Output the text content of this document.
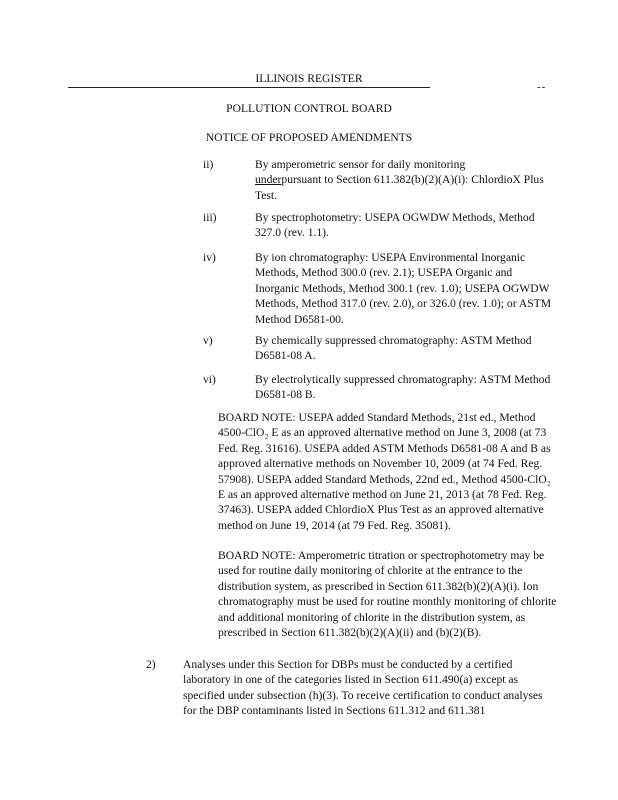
ILLINOIS REGISTER
--
POLLUTION CONTROL BOARD
NOTICE OF PROPOSED AMENDMENTS
ii)	By amperometric sensor for daily monitoring
underpursuant to Section 611.382(b)(2)(A)(i): ChlordioX Plus Test.
iii)	By spectrophotometry: USEPA OGWDW Methods, Method 327.0 (rev. 1.1).
iv)	By ion chromatography: USEPA Environmental Inorganic Methods, Method 300.0 (rev. 2.1); USEPA Organic and Inorganic Methods, Method 300.1 (rev. 1.0); USEPA OGWDW Methods, Method 317.0 (rev. 2.0), or 326.0 (rev. 1.0); or ASTM Method D6581-00.
v)	By chemically suppressed chromatography: ASTM Method D6581-08 A.
vi)	By electrolytically suppressed chromatography: ASTM Method D6581-08 B.
BOARD NOTE: USEPA added Standard Methods, 21st ed., Method 4500-ClO₂ E as an approved alternative method on June 3, 2008 (at 73 Fed. Reg. 31616). USEPA added ASTM Methods D6581-08 A and B as approved alternative methods on November 10, 2009 (at 74 Fed. Reg. 57908). USEPA added Standard Methods, 22nd ed., Method 4500-ClO₂ E as an approved alternative method on June 21, 2013 (at 78 Fed. Reg. 37463). USEPA added ChlordioX Plus Test as an approved alternative method on June 19, 2014 (at 79 Fed. Reg. 35081).
BOARD NOTE: Amperometric titration or spectrophotometry may be used for routine daily monitoring of chlorite at the entrance to the distribution system, as prescribed in Section 611.382(b)(2)(A)(i). Ion chromatography must be used for routine monthly monitoring of chlorite and additional monitoring of chlorite in the distribution system, as prescribed in Section 611.382(b)(2)(A)(ii) and (b)(2)(B).
2) Analyses under this Section for DBPs must be conducted by a certified laboratory in one of the categories listed in Section 611.490(a) except as specified under subsection (h)(3). To receive certification to conduct analyses for the DBP contaminants listed in Sections 611.312 and 611.381
